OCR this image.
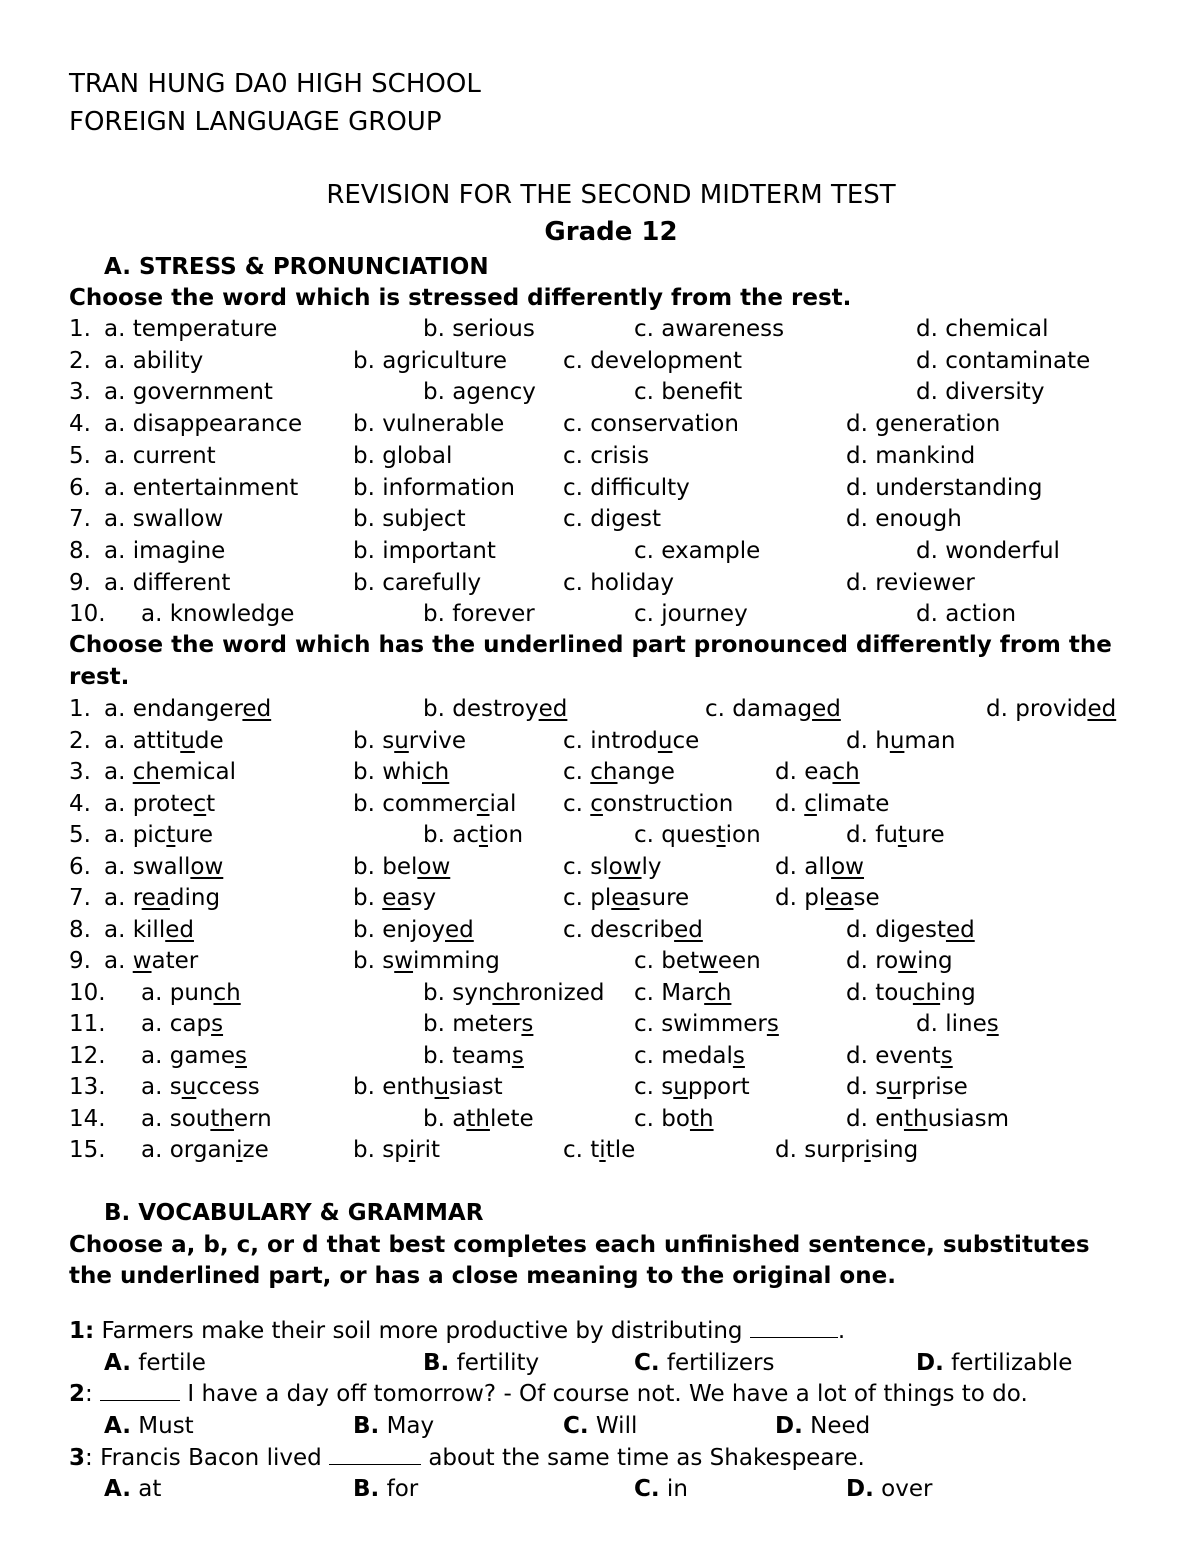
TRAN HUNG DA0 HIGH SCHOOL
FOREIGN LANGUAGE GROUP
REVISION FOR THE SECOND MIDTERM TEST
Grade 12
A. STRESS & PRONUNCIATION
Choose the word which is stressed differently from the rest.
1. a. temperature	b. serious	c. awareness	d. chemical
2. a. ability	b. agriculture c. development	d. contaminate
3. a. government	b. agency	c. benefit	d. diversity
4. a. disappearance b. vulnerable	c. conservation	d. generation
5. a. current	b. global	c. crisis	d. mankind
6. a. entertainment b. information c. difficulty	d. understanding
7. a. swallow	b. subject	c. digest	d. enough
8. a. imagine	b. important	c. example	d. wonderful
9. a. different	b. carefully	c. holiday	d. reviewer
10. a. knowledge	b. forever	c. journey	d. action
Choose the word which has the underlined part pronounced differently from the
rest.
1. a. endangered	b. destroyed	c. damaged	d. provided
2. a. attitude	b. survive	c. introduce	d. human
3. a. chemical	b. which	c. change	d. each
4. a. protect	b. commercial c. construction d. climate
5. a. picture	b. action	c. question	d. future
6. a. swallow	b. below	c. slowly	d. allow
7. a. reading	b. easy	c. pleasure	d. please
8. a. killed	b. enjoyed	c. described	d. digested
9. a. water	b. swimming	c. between	d. rowing
10. a. punch	b. synchronized c. March	d. touching
11. a. caps	b. meters	c. swimmers	d. lines
12. a. games	b. teams	c. medals	d. events
13. a. success	b. enthusiast	c. support	d. surprise
14. a. southern	b. athlete	c. both	d. enthusiasm
15. a. organize	b. spirit	c. title	d. surprising
B. VOCABULARY & GRAMMAR
Choose a, b, c, or d that best completes each unfinished sentence, substitutes
the underlined part, or has a close meaning to the original one.
1: Farmers make their soil more productive by distributing	.
A. fertile	B. fertility	C. fertilizers	D. fertilizable
2:	I have a day off tomorrow? - Of course not. We have a lot of things to do.
A. Must	B. May	C. Will	D. Need
3: Francis Bacon lived	about the same time as Shakespeare.
A. at	B. for	C. in	D. over
